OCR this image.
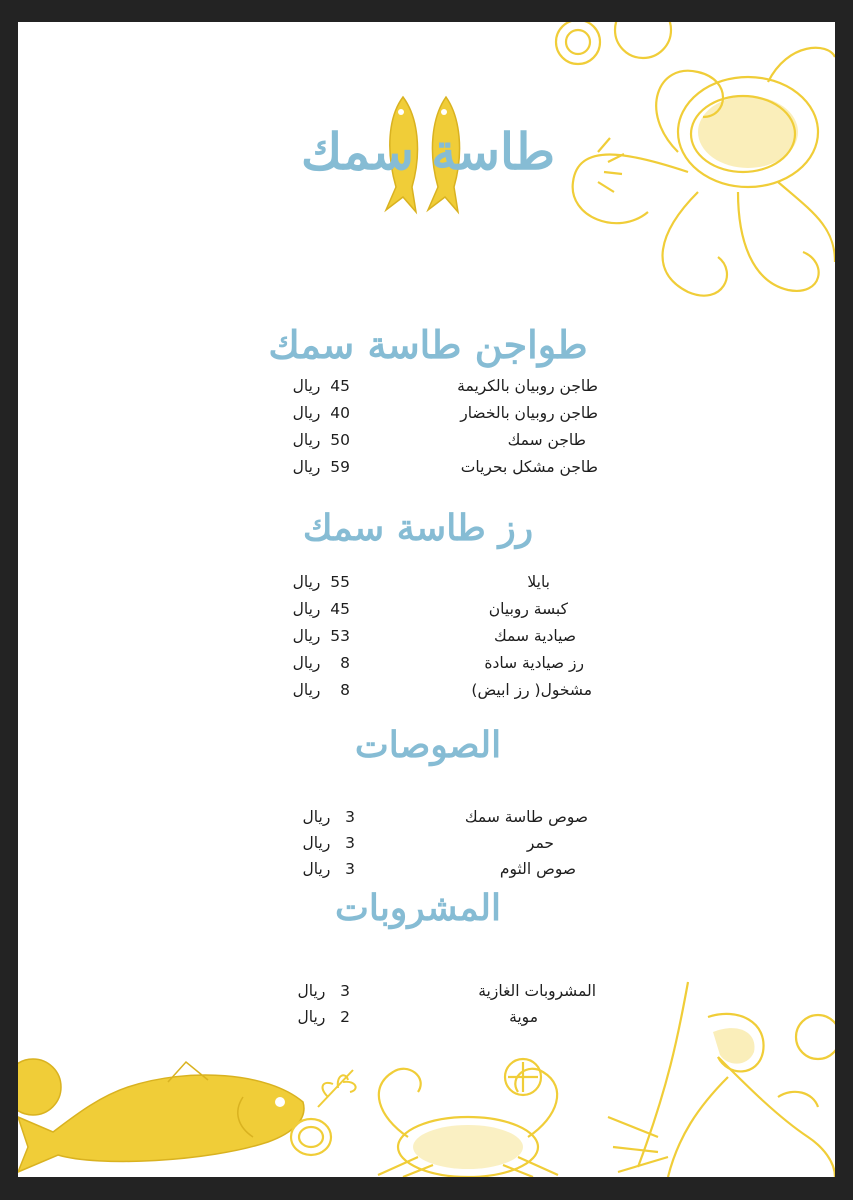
طاسة سمك
طواجن طاسة سمك
رز طاسة سمك
الصوصات
المشروبات
طاجن روبيان بالكريمة
45  ريال
طاجن روبيان بالخضار
40  ريال
طاجن سمك
50  ريال
طاجن مشكل بحريات
59  ريال
بايلا
55  ريال
كبسة روبيان
45  ريال
صيادية سمك
53  ريال
رز صيادية سادة
8    ريال
مشخول( رز ابيض)
8    ريال
صوص طاسة سمك
3   ريال
حمر
3   ريال
صوص الثوم
3   ريال
المشروبات الغازية
3   ريال
موية
2   ريال
